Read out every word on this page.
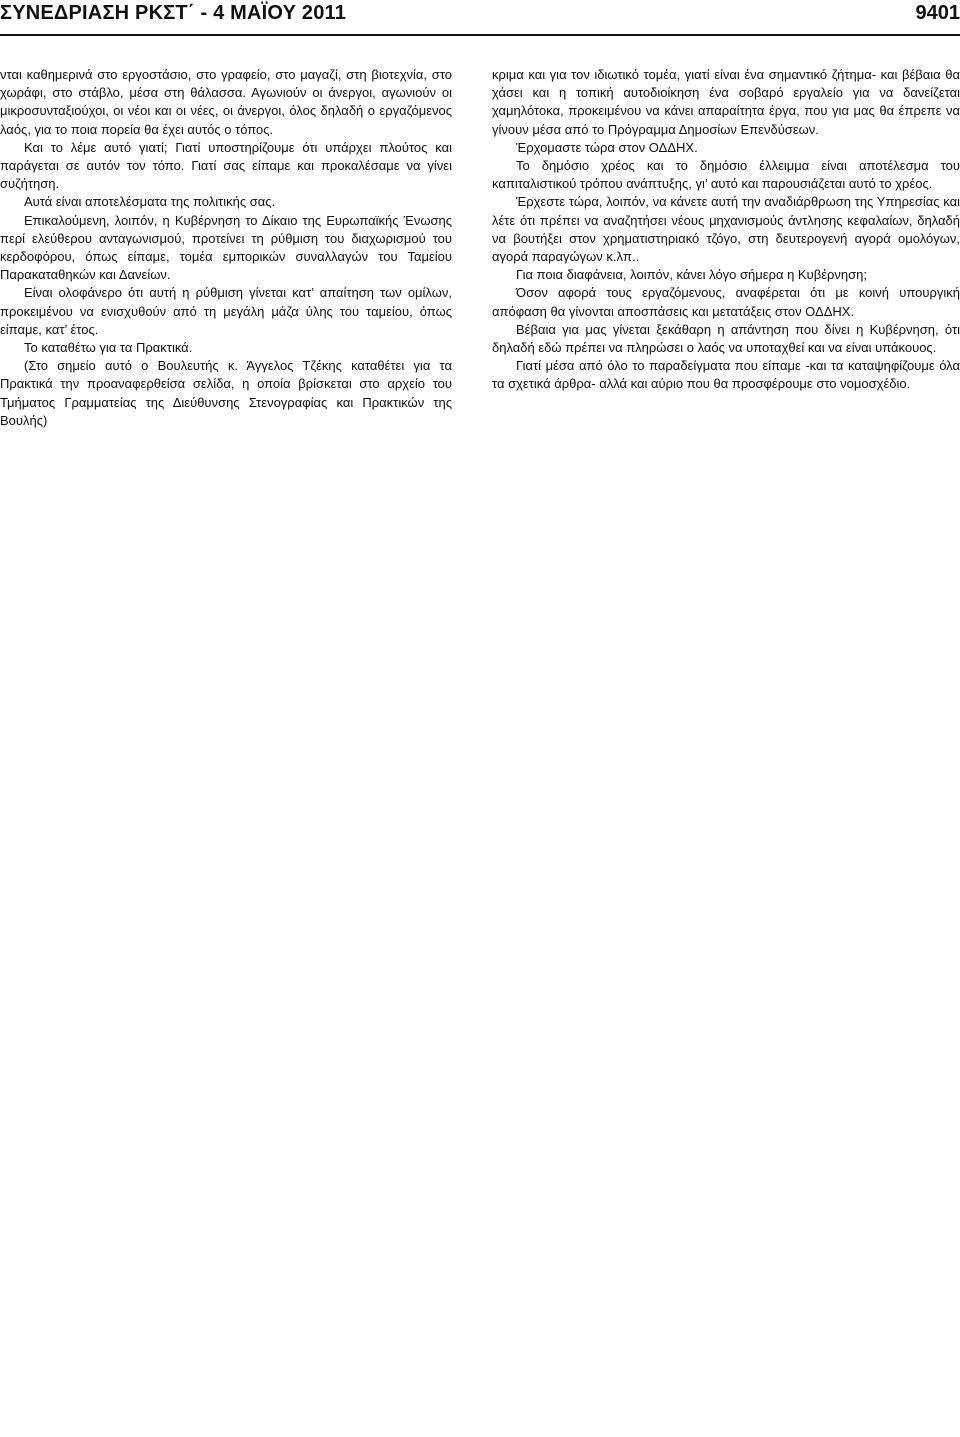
ΣΥΝΕΔΡΙΑΣΗ ΡΚΣΤ΄ - 4 ΜΑΪΟΥ 2011	9401

νται καθημερινά στο εργοστάσιο, στο γραφείο, στο μαγαζί, στη βιοτεχνία, στο χωράφι, στο στάβλο, μέσα στη θάλασσα. Αγωνιούν οι άνεργοι, αγωνιούν οι μικροσυνταξιούχοι, οι νέοι και οι νέες, οι άνεργοι, όλος δηλαδή ο εργαζόμενος λαός, για το ποια πορεία θα έχει αυτός ο τόπος.

Και το λέμε αυτό γιατί; Γιατί υποστηρίζουμε ότι υπάρχει πλούτος και παράγεται σε αυτόν τον τόπο. Γιατί σας είπαμε και προκαλέσαμε να γίνει συζήτηση.

Αυτά είναι αποτελέσματα της πολιτικής σας.

Επικαλούμενη, λοιπόν, η Κυβέρνηση το Δίκαιο της Ευρωπαϊκής Ένωσης περί ελεύθερου ανταγωνισμού, προτείνει τη ρύθμιση του διαχωρισμού του κερδοφόρου, όπως είπαμε, τομέα εμπορικών συναλλαγών του Ταμείου Παρακαταθηκών και Δανείων.

Είναι ολοφάνερο ότι αυτή η ρύθμιση γίνεται κατ’ απαίτηση των ομίλων, προκειμένου να ενισχυθούν από τη μεγάλη μάζα ύλης του ταμείου, όπως είπαμε, κατ’ έτος.

Το καταθέτω για τα Πρακτικά.

(Στο σημείο αυτό ο Βουλευτής κ. Άγγελος Τζέκης καταθέτει για τα Πρακτικά την προαναφερθείσα σελίδα, η οποία βρίσκεται στο αρχείο του Τμήματος Γραμματείας της Διεύθυνσης Στενογραφίας και Πρακτικών της Βουλής)

κριμα και για τον ιδιωτικό τομέα, γιατί είναι ένα σημαντικό ζήτημα- και βέβαια θα χάσει και η τοπική αυτοδιοίκηση ένα σοβαρό εργαλείο για να δανείζεται χαμηλότοκα, προκειμένου να κάνει απαραίτητα έργα, που για μας θα έπρεπε να γίνουν μέσα από το Πρόγραμμα Δημοσίων Επενδύσεων.

Έρχομαστε τώρα στον ΟΔΔΗΧ.

Το δημόσιο χρέος και το δημόσιο έλλειμμα είναι αποτέλεσμα του καπιταλιστικού τρόπου ανάπτυξης, γι’ αυτό και παρουσιάζεται αυτό το χρέος.

Έρχεστε τώρα, λοιπόν, να κάνετε αυτή την αναδιάρθρωση της Υπηρεσίας και λέτε ότι πρέπει να αναζητήσει νέους μηχανισμούς άντλησης κεφαλαίων, δηλαδή να βουτήξει στον χρηματιστηριακό τζόγο, στη δευτερογενή αγορά ομολόγων, αγορά παραγώγων κ.λπ..

Για ποια διαφάνεια, λοιπόν, κάνει λόγο σήμερα η Κυβέρνηση;

Όσον αφορά τους εργαζόμενους, αναφέρεται ότι με κοινή υπουργική απόφαση θα γίνονται αποσπάσεις και μετατάξεις στον ΟΔΔΗΧ.

Βέβαια για μας γίνεται ξεκάθαρη η απάντηση που δίνει η Κυβέρνηση, ότι δηλαδή εδώ πρέπει να πληρώσει ο λαός να υποταχθεί και να είναι υπάκουος.

Γιατί μέσα από όλο το παραδείγματα που είπαμε -και τα καταψηφίζουμε όλα τα σχετικά άρθρα- αλλά και αύριο που θα προσφέρουμε στο νομοσχέδιο.
